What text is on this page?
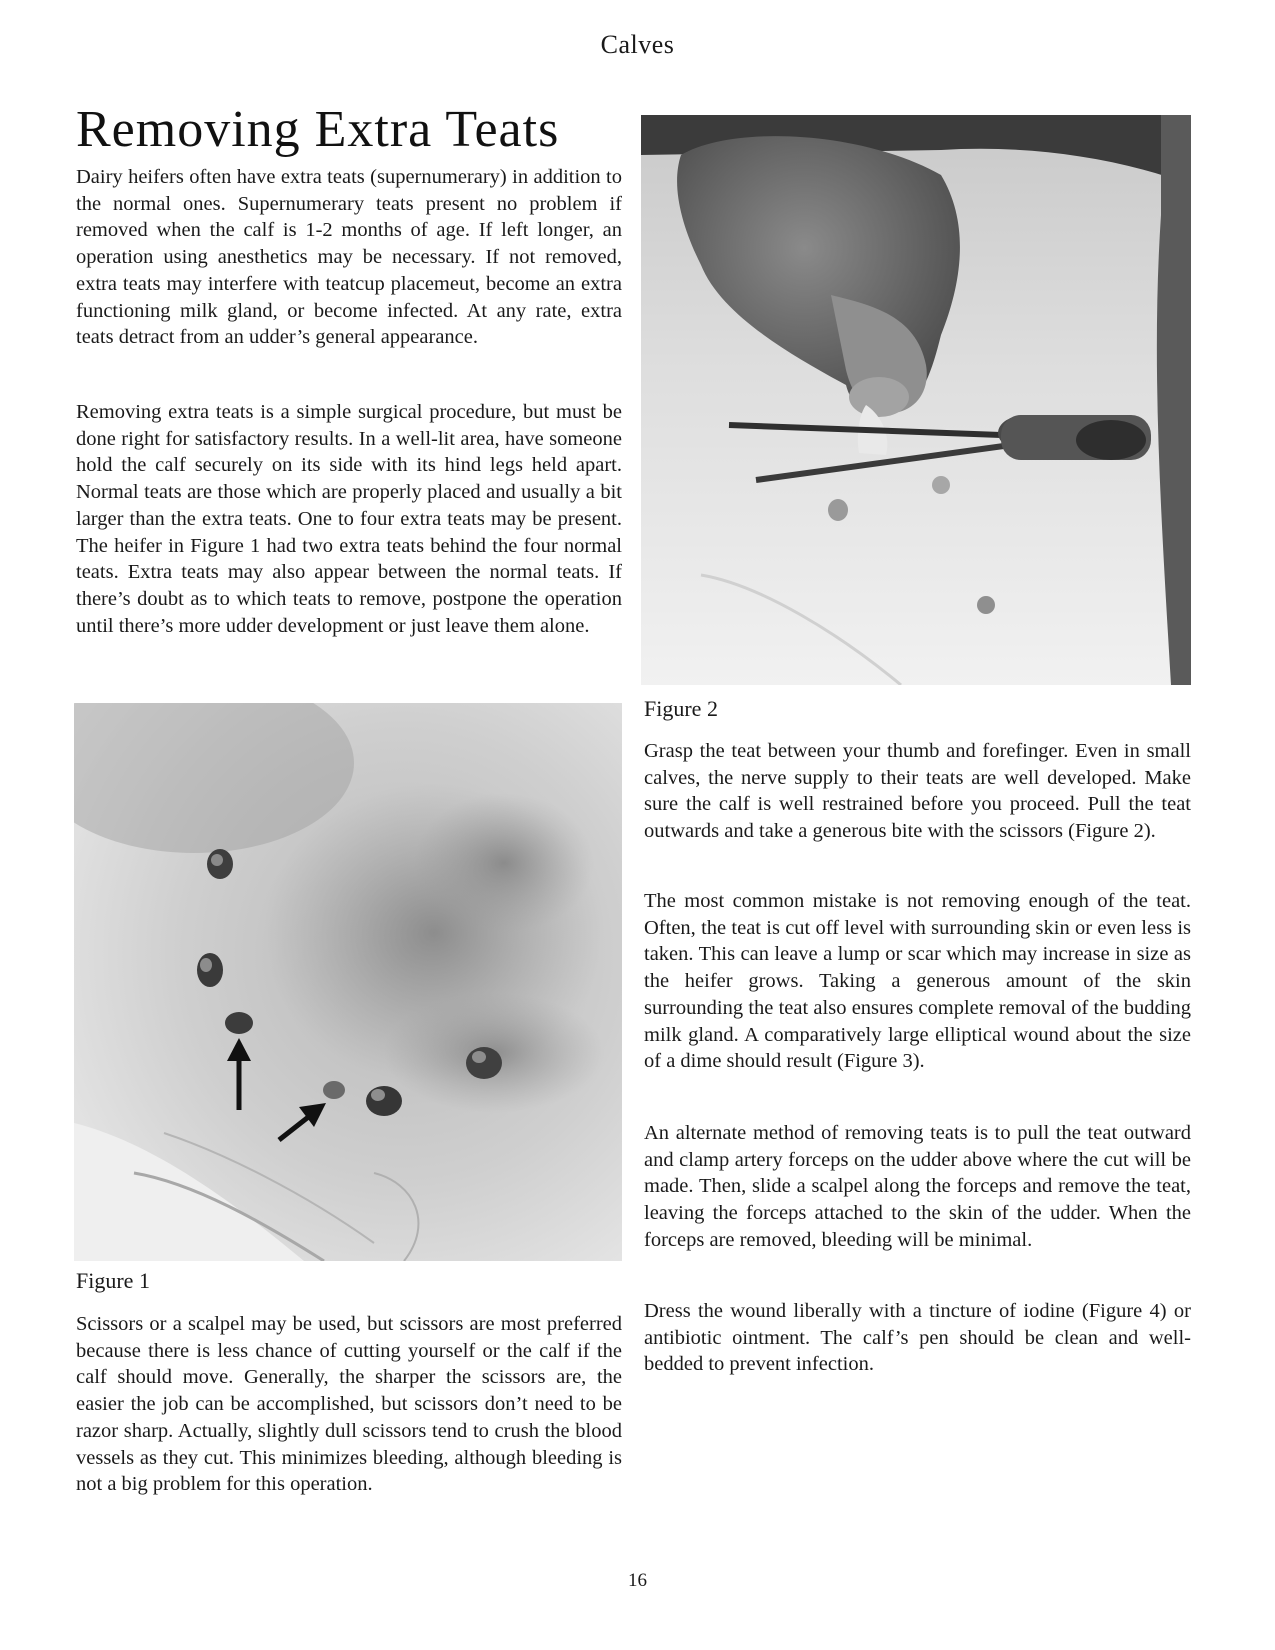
Calves
Removing Extra Teats

Dairy heifers often have extra teats (supernumerary) in addition to the normal ones. Supernumerary teats present no problem if removed when the calf is 1-2 months of age. If left longer, an operation using anesthetics may be necessary. If not removed, extra teats may interfere with teatcup placemeut, become an extra functioning milk gland, or become infected. At any rate, extra teats detract from an udder’s general appearance.

Removing extra teats is a simple surgical procedure, but must be done right for satisfactory results. In a well-lit area, have someone hold the calf securely on its side with its hind legs held apart. Normal teats are those which are properly placed and usually a bit larger than the extra teats. One to four extra teats may be present. The heifer in Figure 1 had two extra teats behind the four normal teats. Extra teats may also appear between the normal teats. If there’s doubt as to which teats to remove, postpone the operation until there’s more udder development or just leave them alone.

Figure 1

Scissors or a scalpel may be used, but scissors are most preferred because there is less chance of cutting yourself or the calf if the calf should move. Generally, the sharper the scissors are, the easier the job can be accomplished, but scissors don’t need to be razor sharp. Actually, slightly dull scissors tend to crush the blood vessels as they cut. This minimizes bleeding, although bleeding is not a big problem for this operation.

Figure 2

Grasp the teat between your thumb and forefinger. Even in small calves, the nerve supply to their teats are well developed. Make sure the calf is well restrained before you proceed. Pull the teat outwards and take a generous bite with the scissors (Figure 2).

The most common mistake is not removing enough of the teat. Often, the teat is cut off level with surrounding skin or even less is taken. This can leave a lump or scar which may increase in size as the heifer grows. Taking a generous amount of the skin surrounding the teat also ensures complete removal of the budding milk gland. A comparatively large elliptical wound about the size of a dime should result (Figure 3).

An alternate method of removing teats is to pull the teat outward and clamp artery forceps on the udder above where the cut will be made. Then, slide a scalpel along the forceps and remove the teat, leaving the forceps attached to the skin of the udder. When the forceps are removed, bleeding will be minimal.

Dress the wound liberally with a tincture of iodine (Figure 4) or antibiotic ointment. The calf’s pen should be clean and well-bedded to prevent infection.

16
